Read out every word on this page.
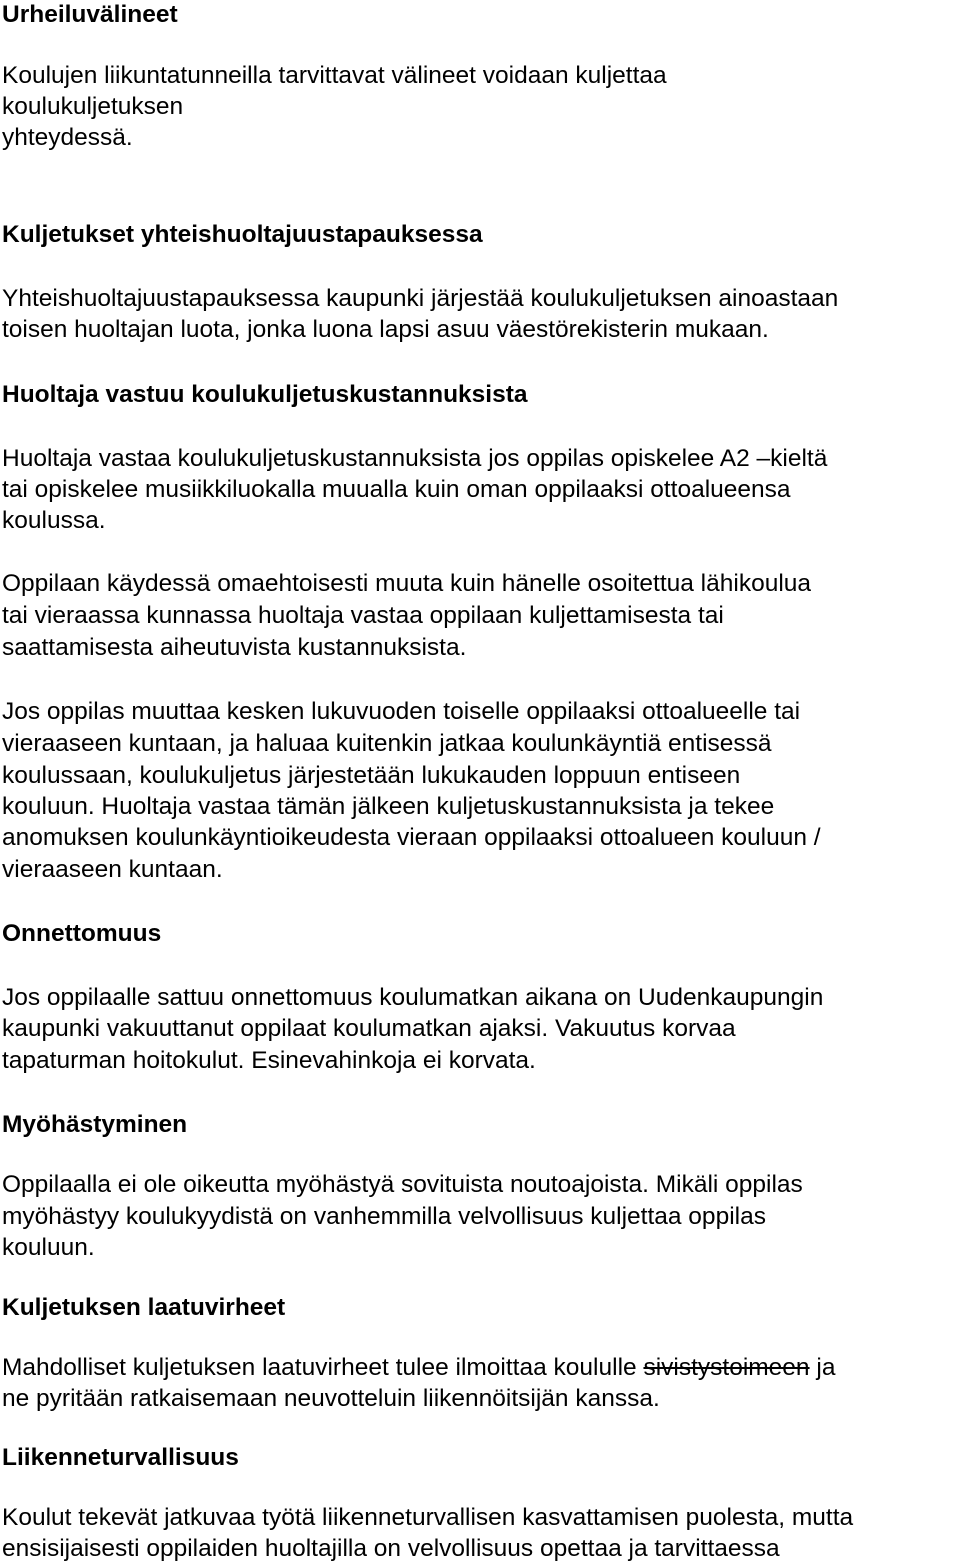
Urheiluvälineet

Koulujen liikuntatunneilla tarvittavat välineet voidaan kuljettaa

koulukuljetuksen

yhteydessä.

Kuljetukset yhteishuoltajuustapauksessa

Yhteishuoltajuustapauksessa kaupunki järjestää koulukuljetuksen ainoastaan

toisen huoltajan luota, jonka luona lapsi asuu väestörekisterin mukaan.

Huoltaja vastuu koulukuljetuskustannuksista

Huoltaja vastaa koulukuljetuskustannuksista jos oppilas opiskelee A2 –kieltä

tai opiskelee musiikkiluokalla muualla kuin oman oppilaaksi ottoalueensa

koulussa.

Oppilaan käydessä omaehtoisesti muuta kuin hänelle osoitettua lähikoulua

tai vieraassa kunnassa huoltaja vastaa oppilaan kuljettamisesta tai

saattamisesta aiheutuvista kustannuksista.

Jos oppilas muuttaa kesken lukuvuoden toiselle oppilaaksi ottoalueelle tai

vieraaseen kuntaan, ja haluaa kuitenkin jatkaa koulunkäyntiä entisessä

koulussaan, koulukuljetus järjestetään lukukauden loppuun entiseen

kouluun. Huoltaja vastaa tämän jälkeen kuljetuskustannuksista ja tekee

anomuksen koulunkäyntioikeudesta vieraan oppilaaksi ottoalueen kouluun /

vieraaseen kuntaan.

Onnettomuus

Jos oppilaalle sattuu onnettomuus koulumatkan aikana on Uudenkaupungin

kaupunki vakuuttanut oppilaat koulumatkan ajaksi. Vakuutus korvaa

tapaturman hoitokulut. Esinevahinkoja ei korvata.

Myöhästyminen

Oppilaalla ei ole oikeutta myöhästyä sovituista noutoajoista. Mikäli oppilas

myöhästyy koulukyydistä on vanhemmilla velvollisuus kuljettaa oppilas

kouluun.

Kuljetuksen laatuvirheet

Mahdolliset kuljetuksen laatuvirheet tulee ilmoittaa koululle sivistystoimeen ja

ne pyritään ratkaisemaan neuvotteluin liikennöitsijän kanssa.

Liikenneturvallisuus

Koulut tekevät jatkuvaa työtä liikenneturvallisen kasvattamisen puolesta, mutta

ensisijaisesti oppilaiden huoltajilla on velvollisuus opettaa ja tarvittaessa
